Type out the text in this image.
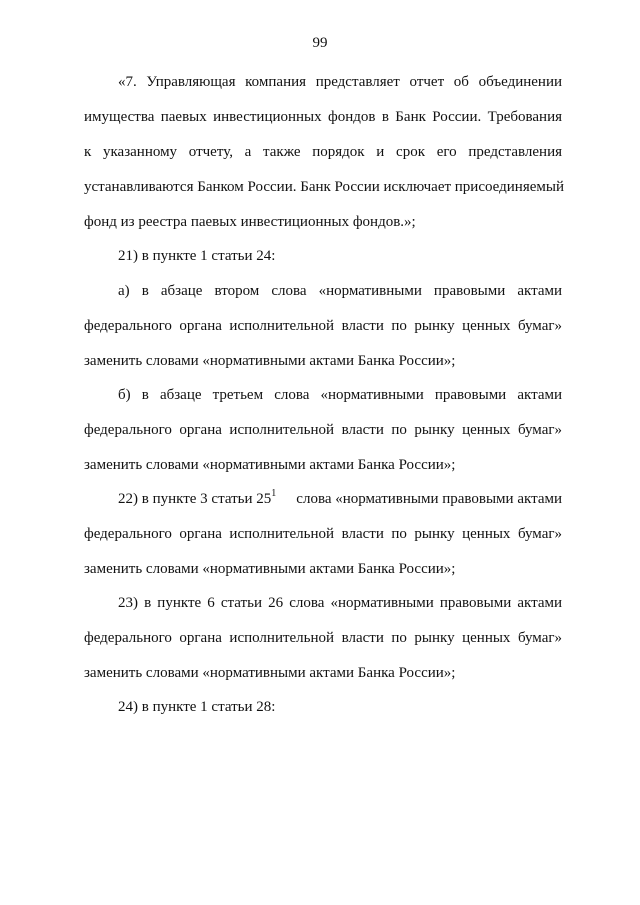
99
«7. Управляющая компания представляет отчет об объединении
имущества паевых инвестиционных фондов в Банк России. Требования
к указанному отчету, а также порядок и срок его представления
устанавливаются Банком России. Банк России исключает присоединяемый
фонд из реестра паевых инвестиционных фондов.»;
21) в пункте 1 статьи 24:
а) в абзаце втором слова «нормативными правовыми актами
федерального органа исполнительной власти по рынку ценных бумаг»
заменить словами «нормативными актами Банка России»;
б) в абзаце третьем слова «нормативными правовыми актами
федерального органа исполнительной власти по рынку ценных бумаг»
заменить словами «нормативными актами Банка России»;
22) в пункте 3 статьи $25^1$ слова «нормативными правовыми актами
федерального органа исполнительной власти по рынку ценных бумаг»
заменить словами «нормативными актами Банка России»;
23) в пункте 6 статьи 26 слова «нормативными правовыми актами
федерального органа исполнительной власти по рынку ценных бумаг»
заменить словами «нормативными актами Банка России»;
24) в пункте 1 статьи 28:
